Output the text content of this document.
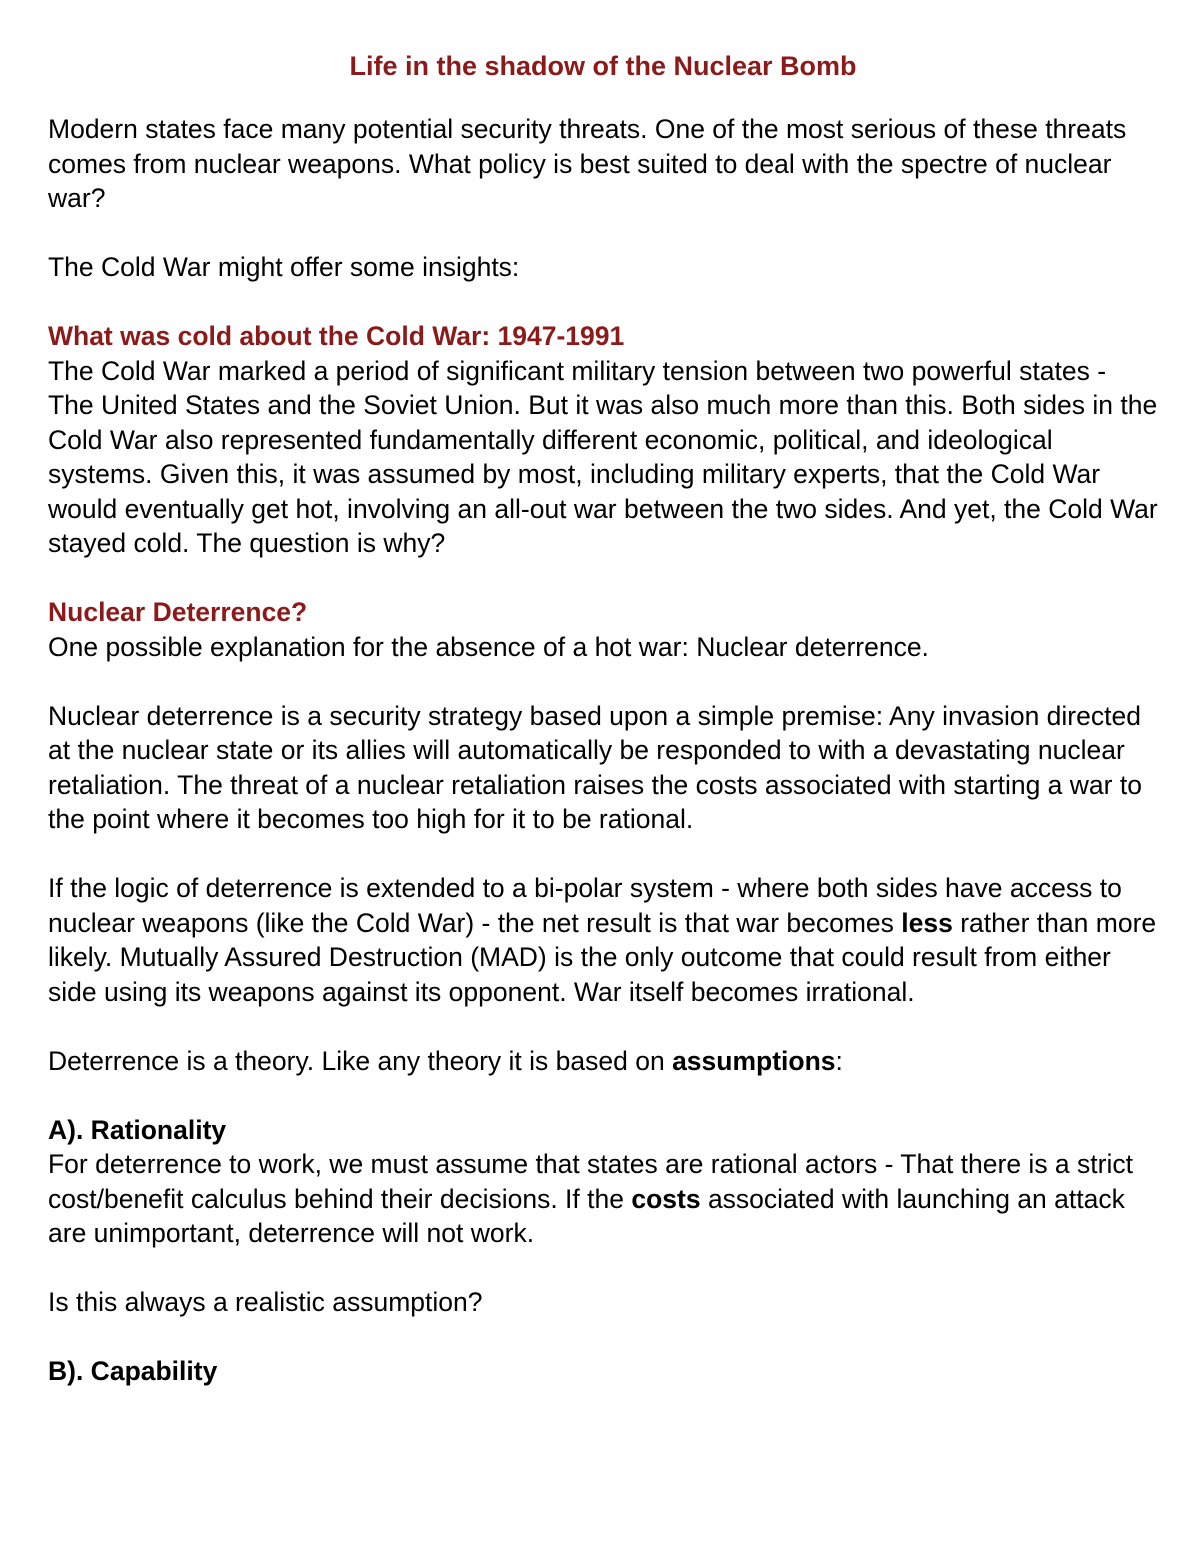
Life in the shadow of the Nuclear Bomb

Modern states face many potential security threats. One of the most serious of these threats comes from nuclear weapons. What policy is best suited to deal with the spectre of nuclear war?

The Cold War might offer some insights:

What was cold about the Cold War: 1947-1991
The Cold War marked a period of significant military tension between two powerful states - The United States and the Soviet Union. But it was also much more than this. Both sides in the Cold War also represented fundamentally different economic, political, and ideological systems. Given this, it was assumed by most, including military experts, that the Cold War would eventually get hot, involving an all-out war between the two sides. And yet, the Cold War stayed cold. The question is why?

Nuclear Deterrence?
One possible explanation for the absence of a hot war: Nuclear deterrence.

Nuclear deterrence is a security strategy based upon a simple premise: Any invasion directed at the nuclear state or its allies will automatically be responded to with a devastating nuclear retaliation. The threat of a nuclear retaliation raises the costs associated with starting a war to the point where it becomes too high for it to be rational.

If the logic of deterrence is extended to a bi-polar system - where both sides have access to nuclear weapons (like the Cold War) - the net result is that war becomes less rather than more likely. Mutually Assured Destruction (MAD) is the only outcome that could result from either side using its weapons against its opponent. War itself becomes irrational.

Deterrence is a theory. Like any theory it is based on assumptions:

A). Rationality
For deterrence to work, we must assume that states are rational actors - That there is a strict cost/benefit calculus behind their decisions. If the costs associated with launching an attack are unimportant, deterrence will not work.

Is this always a realistic assumption?

B). Capability
